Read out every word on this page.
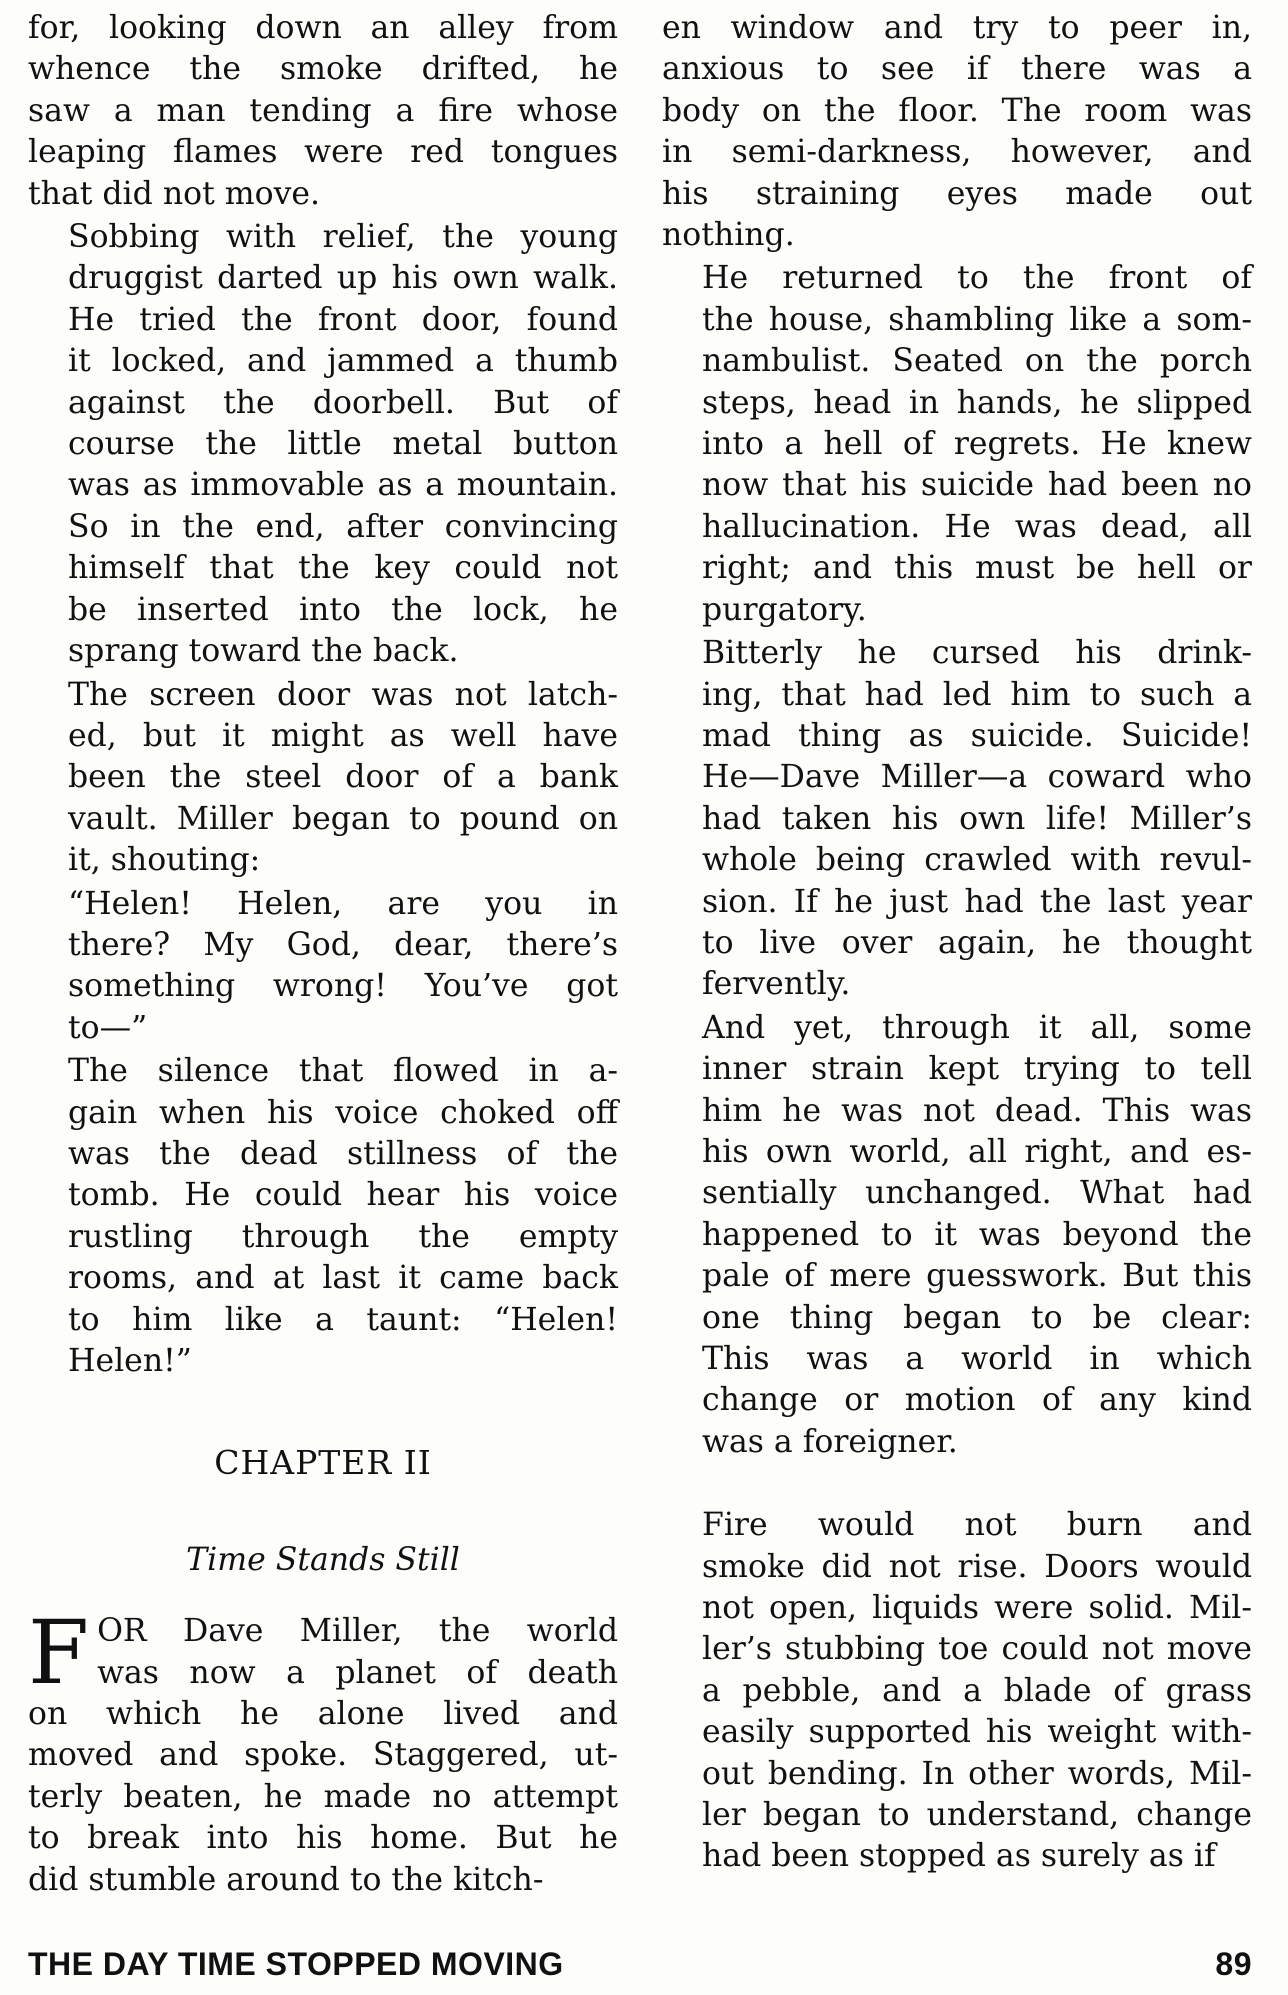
for, looking down an alley from
whence the smoke drifted, he
saw a man tending a fire whose
leaping flames were red tongues
that did not move.

Sobbing with relief, the young
druggist darted up his own walk.
He tried the front door, found
it locked, and jammed a thumb
against the doorbell. But of
course the little metal button
was as immovable as a mountain.
So in the end, after convincing
himself that the key could not
be inserted into the lock, he
sprang toward the back.

The screen door was not latch-
ed, but it might as well have
been the steel door of a bank
vault. Miller began to pound on
it, shouting:

“Helen! Helen, are you in
there? My God, dear, there’s
something wrong! You’ve got
to—”

The silence that flowed in a-
gain when his voice choked off
was the dead stillness of the
tomb. He could hear his voice
rustling through the empty
rooms, and at last it came back
to him like a taunt: “Helen!
Helen!”

CHAPTER II
Time Stands Still
F OR Dave Miller, the world
was now a planet of death

on which he alone lived and
moved and spoke. Staggered, ut-
terly beaten, he made no attempt
to break into his home. But he
did stumble around to the kitch-

en window and try to peer in,
anxious to see if there was a
body on the floor. The room was
in semi-darkness, however, and
his straining eyes made out
nothing.

He returned to the front of
the house, shambling like a som-
nambulist. Seated on the porch
steps, head in hands, he slipped
into a hell of regrets. He knew
now that his suicide had been no
hallucination. He was dead, all
right; and this must be hell or
purgatory.

Bitterly he cursed his drink-
ing, that had led him to such a
mad thing as suicide. Suicide!
He—Dave Miller—a coward who
had taken his own life! Miller’s
whole being crawled with revul-
sion. If he just had the last year
to live over again, he thought
fervently.

And yet, through it all, some
inner strain kept trying to tell
him he was not dead. This was
his own world, all right, and es-
sentially unchanged. What had
happened to it was beyond the
pale of mere guesswork. But this
one thing began to be clear:
This was a world in which
change or motion of any kind
was a foreigner.

Fire would not burn and
smoke did not rise. Doors would
not open, liquids were solid. Mil-
ler’s stubbing toe could not move
a pebble, and a blade of grass
easily supported his weight with-
out bending. In other words, Mil-
ler began to understand, change
had been stopped as surely as if

THE DAY TIME STOPPED MOVING	89
